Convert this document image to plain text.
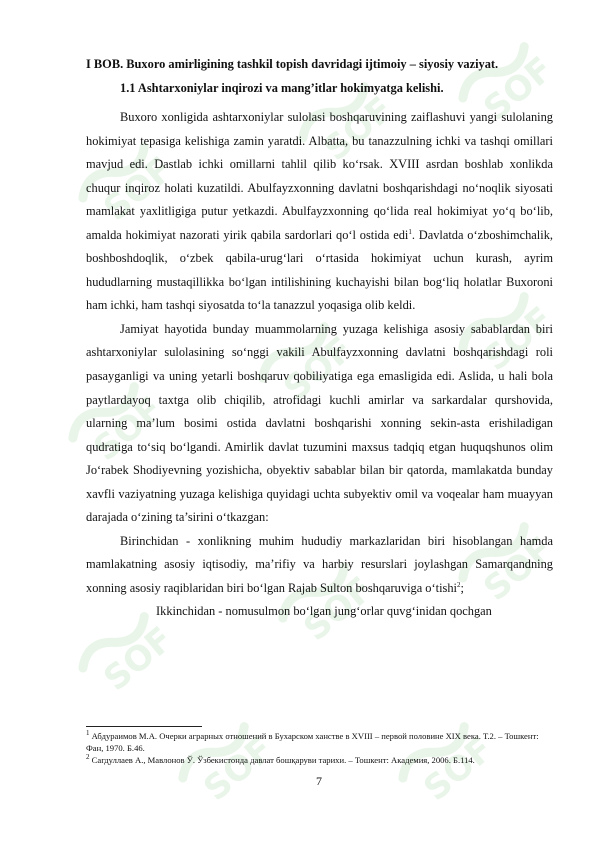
SOF
SOF
SOF
SOF
SOF	SOF
SOF
SOF
SOF
SOF	SOF

I BOB. Buxoro amirligining tashkil topish davridagi ijtimoiy – siyosiy vaziyat.

1.1 Ashtarxoniylar inqirozi va mang’itlar hokimyatga kelishi.

Buxoro xonligida ashtarxoniylar sulolasi boshqaruvining zaiflashuvi yangi sulolaning hokimiyat tepasiga kelishiga zamin yaratdi. Albatta, bu tanazzulning ichki va tashqi omillari mavjud edi. Dastlab ichki omillarni tahlil qilib ko‘rsak. XVIII asrdan boshlab xonlikda chuqur inqiroz holati kuzatildi. Abulfayzxonning davlatni boshqarishdagi no‘noqlik siyosati mamlakat yaxlitligiga putur yetkazdi. Abulfayzxonning qo‘lida real hokimiyat yo‘q bo‘lib, amalda hokimiyat nazorati yirik qabila sardorlari qo‘l ostida edi$^1$. Davlatda o‘zboshimchalik, boshboshdoqlik, o‘zbek qabila-urug‘lari o‘rtasida hokimiyat uchun kurash, ayrim hududlarning mustaqillikka bo‘lgan intilishining kuchayishi bilan bog‘liq holatlar Buxoroni ham ichki, ham tashqi siyosatda to‘la tanazzul yoqasiga olib keldi.

Jamiyat hayotida bunday muammolarning yuzaga kelishiga asosiy sabablardan biri ashtarxoniylar sulolasining so‘nggi vakili Abulfayzxonning davlatni boshqarishdagi roli pasayganligi va uning yetarli boshqaruv qobiliyatiga ega emasligida edi. Aslida, u hali bola paytlardayoq taxtga olib chiqilib, atrofidagi kuchli amirlar va sarkardalar qurshovida, ularning ma’lum bosimi ostida davlatni boshqarishi xonning sekin-asta erishiladigan qudratiga to‘siq bo‘lgandi. Amirlik davlat tuzumini maxsus tadqiq etgan huquqshunos olim Jo‘rabek Shodiyevning yozishicha, obyektiv sabablar bilan bir qatorda, mamlakatda bunday xavfli vaziyatning yuzaga kelishiga quyidagi uchta subyektiv omil va voqealar ham muayyan darajada o‘zining ta’sirini o‘tkazgan:

Birinchidan - xonlikning muhim hududiy markazlaridan biri hisoblangan hamda mamlakatning asosiy iqtisodiy, ma’rifiy va harbiy resurslari joylashgan Samarqandning xonning asosiy raqiblaridan biri bo‘lgan Rajab Sulton boshqaruviga o‘tishi$^2$;

Ikkinchidan - nomusulmon bo‘lgan jung‘orlar quvg‘inidan qochgan

$^1$ Абдураимов М.А. Очерки аграрных отношений в Бухарском ханстве в XVIII – первой половине XIX века. Т.2. – Тошкент: Фан, 1970. Б.46.

$^2$ Сагдуллаев А., Мавлонов Ў. Ўзбекистонда давлат бошқаруви тарихи. – Тошкент: Академия, 2006. Б.114.

7
